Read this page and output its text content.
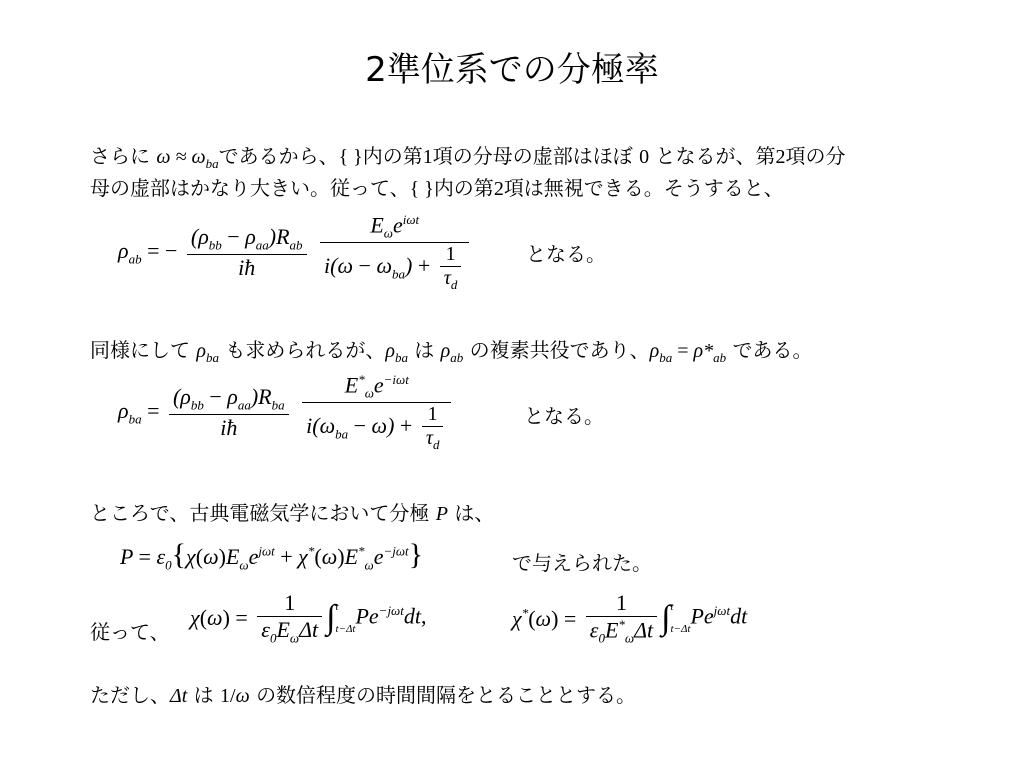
2準位系での分極率
さらに $\omega \approx \omega_{ba}$であるから、{ }内の第1項の分母の虚部はほぼ 0 となるが、第2項の分
母の虚部はかなり大きい。従って、{ }内の第2項は無視できる。そうすると、
$\rho_{ab}$ = − $\frac{(\rho_{bb} - \rho_{aa})R_{ab}}{iħ}$
$\frac{E_\omega e^{i\omega t}}{i(\omega - \omega_{ba}) + \frac{1}{\tau_d}}$	となる。
同様にして $\rho_{ba}$ も求められるが、$\rho_{ba}$ は $\rho_{ab}$ の複素共役であり、$\rho_{ba} = \rho*_{ab}$ である。
$\rho_{ba} = \frac{(\rho_{bb} - \rho_{aa})R_{ba}}{iħ}$
$\frac{E^*_\omega e^{-i\omega t}}{i(\omega_{ba} - \omega) + \frac{1}{\tau_d}}$	となる。
ところで、古典電磁気学において分極 P は、
$P = \varepsilon_0\{\chi(\omega)E_\omega e^{j\omega t} + \chi^*(\omega)E^*_\omega e^{-j\omega t}\}$	で与えられた。
従って、
$\chi(\omega) = \frac{1}{\varepsilon_0E_\omega\Delta t} \int t$
t−ΔtPe$^{-j\omega t}$dt,	$\chi^*(\omega) = \frac{1}{\varepsilon_0E^*_\omega\Delta t} \int t$
t−ΔtPe$^{j\omega t}$dt
ただし、Δt は 1/ω の数倍程度の時間間隔をとることとする。
